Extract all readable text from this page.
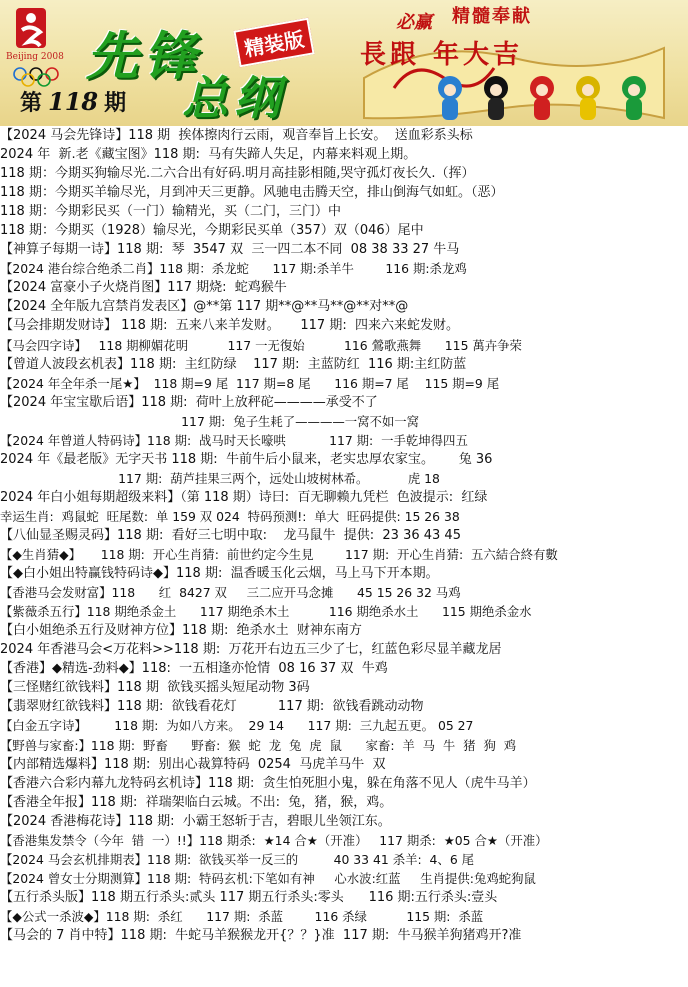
Beijing 2008 先锋
总纲
精装版
第 118 期
必赢 精髓奉献
長跟 年大吉
【2024 马会先锋诗】118 期  挨体擦肉行云雨，观音奉旨上长安。  送血彩系头标
2024 年  新.老《藏宝图》118 期:  马有失蹄人失足，内幕来料观上期。
118 期：今期买狗输尽光.二六合出有好码.明月高挂影相随,哭守孤灯夜长久.（挥）
118 期：今期买羊输尽光，月到冲天三更静。风驰电击腾天空，排山倒海气如虹。（恶）
118 期：今期彩民买（一门）输精光，买（二门，三门）中
118 期：今期买（1928）输尽光，今期彩民买单（357）双（046）尾中
【神算子每期一诗】118 期:  琴  3547 双  三一四二本不同  08 38 33 27 牛马
【2024 港台综合绝杀二肖】118 期：杀龙蛇      117 期:杀羊牛        116 期:杀龙鸡
【2024 富豪小子火烧肖图】117 期烧:  蛇鸡猴牛
【2024 全年版九宫禁肖发表区】@**第 117 期**@**马**@**对**@
【马会排期发财诗】 118 期:  五来八来羊发财。     117 期:  四来六来蛇发财。
【马会四字诗】   118 期柳媚花明          117 一无復始          116 鶯歌燕舞      115 萬卉争荣
【曾道人波段玄机表】118 期:  主红防绿    117 期:  主蓝防红  116 期:主红防蓝
【2024 年全年杀一尾★】  118 期=9 尾  117 期=8 尾      116 期=7 尾    115 期=9 尾
【2024 年宝宝歇后语】118 期:  荷叶上放秤砣————承受不了
117 期:  兔子生耗了————一窝不如一窝
【2024 年曾道人特码诗】118 期:  战马时天长嚎哄           117 期:  一手乾坤得四五
2024 年《最老版》无字天书 118 期:  牛前牛后小鼠来，老实忠厚农家宝。      兔 36
117 期:  葫芦挂果三两个，远处山坡树林希。          虎 18
2024 年白小姐每期超级来料】（第 118 期）诗曰:  百无聊赖九凭栏  色波提示:  红绿
幸运生肖:  鸡鼠蛇  旺尾数:  单 159 双 024  特码预测!:  单大  旺码提供: 15 26 38
【八仙显圣赐灵码】118 期:  看好三七明中取:    龙马鼠牛  提供:  23 36 43 45
【◆生肖猜◆】     118 期:  开心生肖猜:  前世约定今生見        117 期:  开心生肖猜:  五六結合終有數
【◆白小姐出特赢钱特码诗◆】118 期:  温香暖玉化云烟，马上马下开本期。
【香港马会发财富】118      红  8427 双     三二应开马念摊      45 15 26 32 马鸡
【紫薇杀五行】118 期绝杀金土      117 期绝杀木土          116 期绝杀水土      115 期绝杀金水
【白小姐绝杀五行及财神方位】118 期:  绝杀水土  财神东南方
2024 年香港马会<万花料>>118 期:  万花开右边五三少了七，红蓝色彩尽显羊藏龙居
【香港】◆精选-劲料◆】118:  一五相逢亦怆情  08 16 37 双  牛鸡
【三怪赌红欲钱料】118 期  欲钱买摇头短尾动物 3码
【翡翠财红欲钱料】118 期:  欲钱看花灯          117 期:  欲钱看跳动动物
【白金五字诗】       118 期:  为如八方来。  29 14      117 期:  三九起五更。 05 27
【野兽与家畜:】118 期:  野畜      野畜:  猴  蛇  龙  兔  虎  鼠      家畜:  羊  马  牛  猪  狗  鸡
【内部精选爆料】118 期:  别出心裁算特码  0254  马虎羊马牛  双
【香港六合彩内幕九龙特码玄机诗】118 期:  贪生怕死胆小鬼，躲在角落不见人（虎牛马羊）
【香港全年报】118 期:  祥瑞架临白云城。不出:  兔，猪，猴，鸡。
【2024 香港梅花诗】118 期:  小霸王怒斩于吉，碧眼儿坐领江东。
【香港集发禁令（今年  错  一）!!】118 期杀:  ★14 合★（开准）   117 期杀:  ★05 合★（开准）
【2024 马会玄机排期表】118 期:  欲钱买举一反三的         40 33 41 杀羊:  4、6 尾
【2024 曾女士分期测算】118 期:  特码玄机:下笔如有神     心水波:红蓝     生肖提供:兔鸡蛇狗鼠
【五行杀头版】118 期五行杀头:贰头 117 期五行杀头:零头      116 期:五行杀头:壹头
【◆公式一杀波◆】118 期:  杀红      117 期:  杀蓝        116 杀绿          115 期:  杀蓝
【马会的 7 肖中特】118 期:  牛蛇马羊猴猴龙开{？？}准  117 期:  牛马猴羊狗猪鸡开?准
